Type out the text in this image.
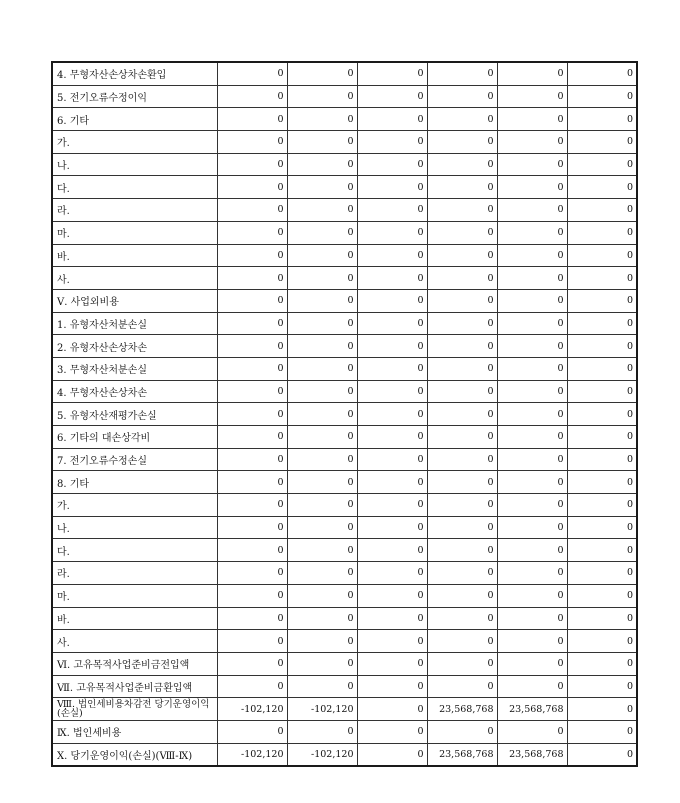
4. 무형자산손상차손환입	0	0	0	0	0	0
5. 전기오류수정이익	0	0	0	0	0	0
6. 기타	0	0	0	0	0	0
가.	0	0	0	0	0	0
나.	0	0	0	0	0	0
다.	0	0	0	0	0	0
라.	0	0	0	0	0	0
마.	0	0	0	0	0	0
바.	0	0	0	0	0	0
사.	0	0	0	0	0	0
Ⅴ. 사업외비용	0	0	0	0	0	0
1. 유형자산처분손실	0	0	0	0	0	0
2. 유형자산손상차손	0	0	0	0	0	0
3. 무형자산처분손실	0	0	0	0	0	0
4. 무형자산손상차손	0	0	0	0	0	0
5. 유형자산재평가손실	0	0	0	0	0	0
6. 기타의 대손상각비	0	0	0	0	0	0
7. 전기오류수정손실	0	0	0	0	0	0
8. 기타	0	0	0	0	0	0
가.	0	0	0	0	0	0
나.	0	0	0	0	0	0
다.	0	0	0	0	0	0
라.	0	0	0	0	0	0
마.	0	0	0	0	0	0
바.	0	0	0	0	0	0
사.	0	0	0	0	0	0
Ⅵ. 고유목적사업준비금전입액	0	0	0	0	0	0
Ⅶ. 고유목적사업준비금환입액	0	0	0	0	0	0
Ⅷ. 법인세비용차감전 당기운영이익(손실)	-102,120	-102,120	0	23,568,768	23,568,768	0
Ⅸ. 법인세비용	0	0	0	0	0	0
Ⅹ. 당기운영이익(손실)(Ⅷ-Ⅸ)	-102,120	-102,120	0	23,568,768	23,568,768	0
